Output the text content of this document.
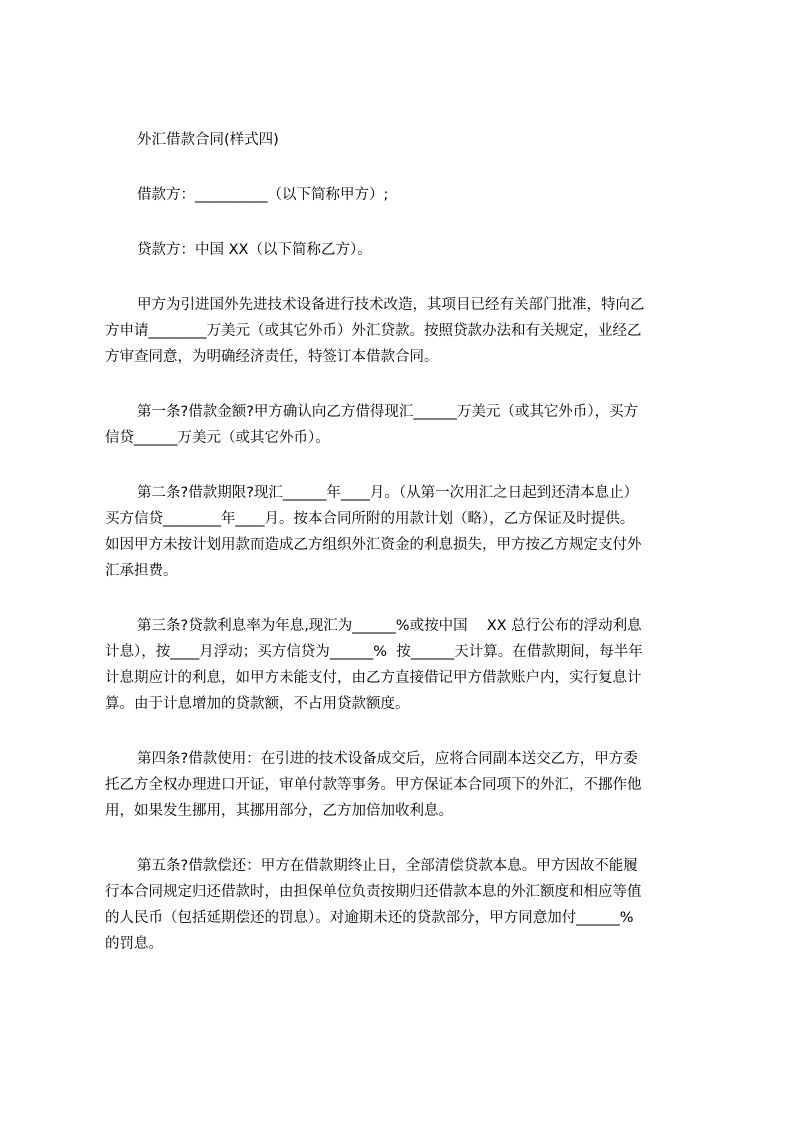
外汇借款合同(样式四)
借款方：__________（以下简称甲方）;
贷款方：中国 XX（以下简称乙方）。
甲方为引进国外先进技术设备进行技术改造，其项目已经有关部门批准，特向乙
方申请________万美元（或其它外币）外汇贷款。按照贷款办法和有关规定，业经乙
方审查同意，为明确经济责任，特签订本借款合同。
第一条?借款金额?甲方确认向乙方借得现汇______万美元（或其它外币），买方
信贷______万美元（或其它外币）。
第二条?借款期限?现汇______年____月。（从第一次用汇之日起到还清本息止）
买方信贷________年____月。按本合同所附的用款计划（略），乙方保证及时提供。
如因甲方未按计划用款而造成乙方组织外汇资金的利息损失，甲方按乙方规定支付外
汇承担费。
第三条?贷款利息率为年息,现汇为______%或按中国　 XX 总行公布的浮动利息
计息），按____月浮动；买方信贷为______%  按______天计算。在借款期间，每半年
计息期应计的利息，如甲方未能支付，由乙方直接借记甲方借款账户内，实行复息计
算。由于计息增加的贷款额，不占用贷款额度。
第四条?借款使用：在引进的技术设备成交后，应将合同副本送交乙方，甲方委
托乙方全权办理进口开证，审单付款等事务。甲方保证本合同项下的外汇，不挪作他
用，如果发生挪用，其挪用部分，乙方加倍加收利息。
第五条?借款偿还：甲方在借款期终止日，全部清偿贷款本息。甲方因故不能履
行本合同规定归还借款时，由担保单位负责按期归还借款本息的外汇额度和相应等值
的人民币（包括延期偿还的罚息）。对逾期未还的贷款部分，甲方同意加付______%
的罚息。
